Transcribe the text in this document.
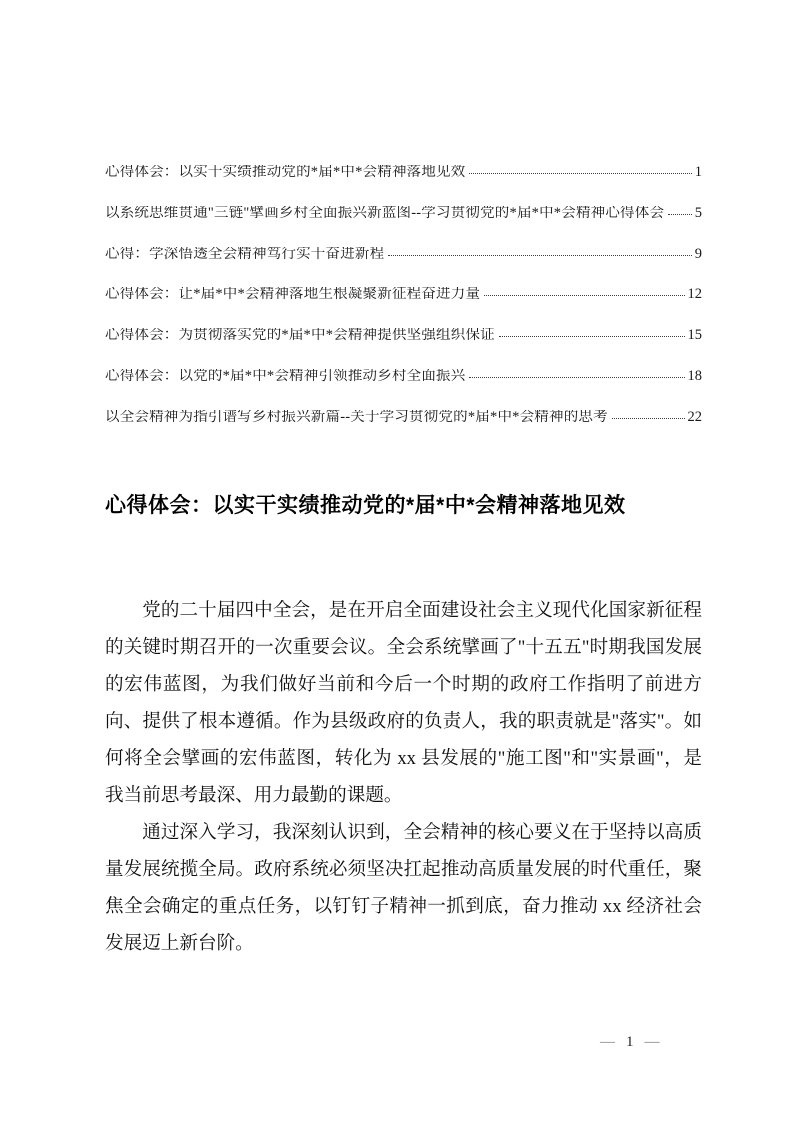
心得体会：以实干实绩推动党的*届*中*会精神落地见效	1
以系统思维贯通"三链"擘画乡村全面振兴新蓝图--学习贯彻党的*届*中*会精神心得体会 5
心得：学深悟透全会精神笃行实干奋进新程	9
心得体会：让*届*中*会精神落地生根凝聚新征程奋进力量	12
心得体会：为贯彻落实党的*届*中*会精神提供坚强组织保证	15
心得体会：以党的*届*中*会精神引领推动乡村全面振兴	18
以全会精神为指引谱写乡村振兴新篇--关于学习贯彻党的*届*中*会精神的思考	22
心得体会：以实干实绩推动党的*届*中*会精神落地见效

党的二十届四中全会，是在开启全面建设社会主义现代化国家新征程的关键时期召开的一次重要会议。全会系统擘画了"十五五"时期我国发展的宏伟蓝图，为我们做好当前和今后一个时期的政府工作指明了前进方向、提供了根本遵循。作为县级政府的负责人，我的职责就是"落实"。如何将全会擘画的宏伟蓝图，转化为 xx 县发展的"施工图"和"实景画"，是我当前思考最深、用力最勤的课题。

通过深入学习，我深刻认识到，全会精神的核心要义在于坚持以高质量发展统揽全局。政府系统必须坚决扛起推动高质量发展的时代重任，聚焦全会确定的重点任务，以钉钉子精神一抓到底，奋力推动 xx 经济社会发展迈上新台阶。

— 1 —
